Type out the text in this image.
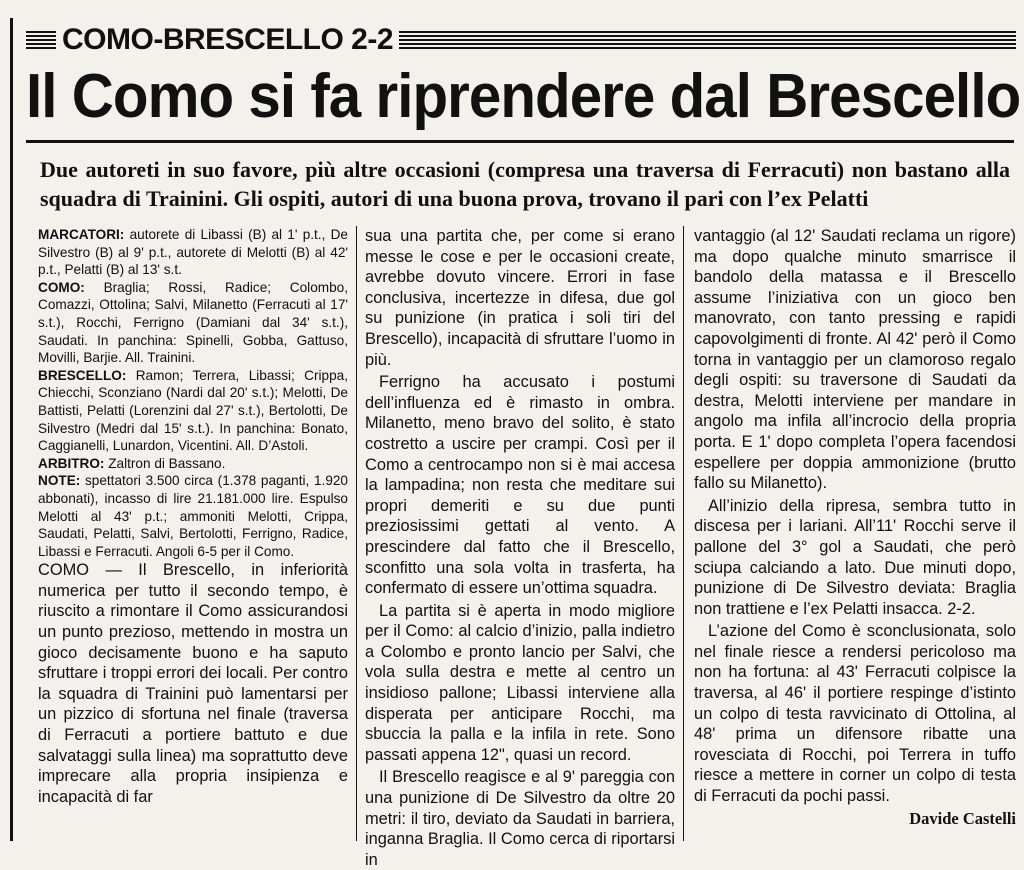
COMO-BRESCELLO 2-2
Il Como si fa riprendere dal Brescello
Due autoreti in suo favore, più altre occasioni (compresa una traversa di Ferracuti) non bastano alla squadra di Trainini. Gli ospiti, autori di una buona prova, trovano il pari con l’ex Pelatti
MARCATORI: autorete di Libassi (B) al 1' p.t., De Silvestro (B) al 9' p.t., autorete di Melotti (B) al 42' p.t., Pelatti (B) al 13' s.t.
COMO: Braglia; Rossi, Radice; Colombo, Comazzi, Ottolina; Salvi, Milanetto (Ferracuti al 17' s.t.), Rocchi, Ferrigno (Damiani dal 34' s.t.), Saudati. In panchina: Spinelli, Gobba, Gattuso, Movilli, Barjie. All. Trainini.
BRESCELLO: Ramon; Terrera, Libassi; Crippa, Chiecchi, Sconziano (Nardi dal 20' s.t.); Melotti, De Battisti, Pelatti (Lorenzini dal 27' s.t.), Bertolotti, De Silvestro (Medri dal 15' s.t.). In panchina: Bonato, Caggianelli, Lunardon, Vicentini. All. D’Astoli.
ARBITRO: Zaltron di Bassano.
NOTE: spettatori 3.500 circa (1.378 paganti, 1.920 abbonati), incasso di lire 21.181.000 lire. Espulso Melotti al 43' p.t.; ammoniti Melotti, Crippa, Saudati, Pelatti, Salvi, Bertolotti, Ferrigno, Radice, Libassi e Ferracuti. Angoli 6-5 per il Como.

COMO — Il Brescello, in inferiorità numerica per tutto il secondo tempo, è riuscito a rimontare il Como assicurandosi un punto prezioso, mettendo in mostra un gioco decisamente buono e ha saputo sfruttare i troppi errori dei locali. Per contro la squadra di Trainini può lamentarsi per un pizzico di sfortuna nel finale (traversa di Ferracuti a portiere battuto e due salvataggi sulla linea) ma soprattutto deve imprecare alla propria insipienza e incapacità di far

sua una partita che, per come si erano messe le cose e per le occasioni create, avrebbe dovuto vincere. Errori in fase conclusiva, incertezze in difesa, due gol su punizione (in pratica i soli tiri del Brescello), incapacità di sfruttare l’uomo in più.

Ferrigno ha accusato i postumi dell’influenza ed è rimasto in ombra. Milanetto, meno bravo del solito, è stato costretto a uscire per crampi. Così per il Como a centrocampo non si è mai accesa la lampadina; non resta che meditare sui propri demeriti e su due punti preziosissimi gettati al vento. A prescindere dal fatto che il Brescello, sconfitto una sola volta in trasferta, ha confermato di essere un’ottima squadra.

La partita si è aperta in modo migliore per il Como: al calcio d’inizio, palla indietro a Colombo e pronto lancio per Salvi, che vola sulla destra e mette al centro un insidioso pallone; Libassi interviene alla disperata per anticipare Rocchi, ma sbuccia la palla e la infila in rete. Sono passati appena 12", quasi un record.

Il Brescello reagisce e al 9' pareggia con una punizione di De Silvestro da oltre 20 metri: il tiro, deviato da Saudati in barriera, inganna Braglia. Il Como cerca di riportarsi in

vantaggio (al 12' Saudati reclama un rigore) ma dopo qualche minuto smarrisce il bandolo della matassa e il Brescello assume l’iniziativa con un gioco ben manovrato, con tanto pressing e rapidi capovolgimenti di fronte. Al 42' però il Como torna in vantaggio per un clamoroso regalo degli ospiti: su traversone di Saudati da destra, Melotti interviene per mandare in angolo ma infila all’incrocio della propria porta. E 1' dopo completa l’opera facendosi espellere per doppia ammonizione (brutto fallo su Milanetto).

All’inizio della ripresa, sembra tutto in discesa per i lariani. All’11' Rocchi serve il pallone del 3° gol a Saudati, che però sciupa calciando a lato. Due minuti dopo, punizione di De Silvestro deviata: Braglia non trattiene e l’ex Pelatti insacca. 2-2.

L’azione del Como è sconclusionata, solo nel finale riesce a rendersi pericoloso ma non ha fortuna: al 43' Ferracuti colpisce la traversa, al 46' il portiere respinge d’istinto un colpo di testa ravvicinato di Ottolina, al 48' prima un difensore ribatte una rovesciata di Rocchi, poi Terrera in tuffo riesce a mettere in corner un colpo di testa di Ferracuti da pochi passi.

Davide Castelli
